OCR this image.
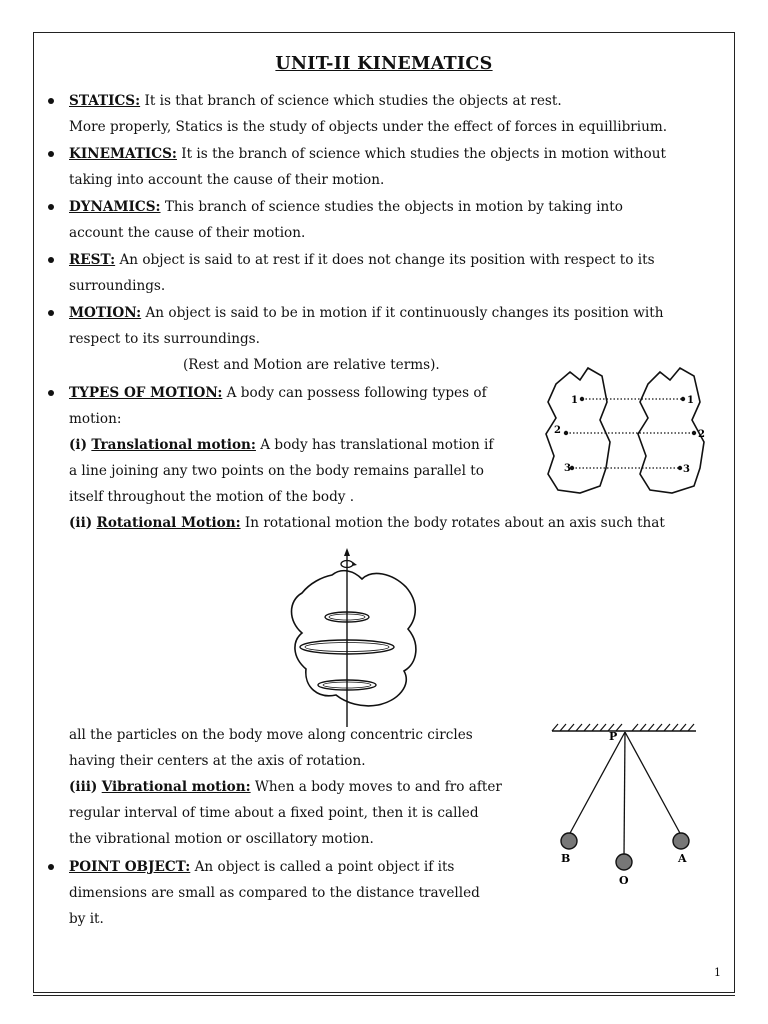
UNIT-II KINEMATICS
STATICS: It is that branch of science which studies the objects at rest.
More properly, Statics is the study of objects under the effect of forces in equillibrium.
KINEMATICS: It is the branch of science which studies the objects in motion without
taking into account the cause of their motion.
DYNAMICS: This branch of science studies the objects in motion by taking into
account the cause of their motion.
REST: An object is said to at rest if it does not change its position with respect to its
surroundings.
MOTION: An object is said to be in motion if it continuously changes its position with
respect to its surroundings.
(Rest and Motion are relative terms).
TYPES OF MOTION: A body can possess following types of
motion:
(i) Translational motion: A body has translational motion if
a line joining any two points on the body remains parallel to
itself throughout the motion of the body .
(ii) Rotational Motion: In rotational motion the body rotates about an axis such that
all the particles on the body move along concentric circles
having their centers at the axis of rotation.
(iii) Vibrational motion: When a body moves to and fro after
regular interval of time about a fixed point, then it is called
the vibrational motion or oscillatory motion.
POINT OBJECT: An object is called a point object if its
dimensions are small as compared to the distance travelled
by it.
1
2
3
1
2
3
P
B
O
A
1
